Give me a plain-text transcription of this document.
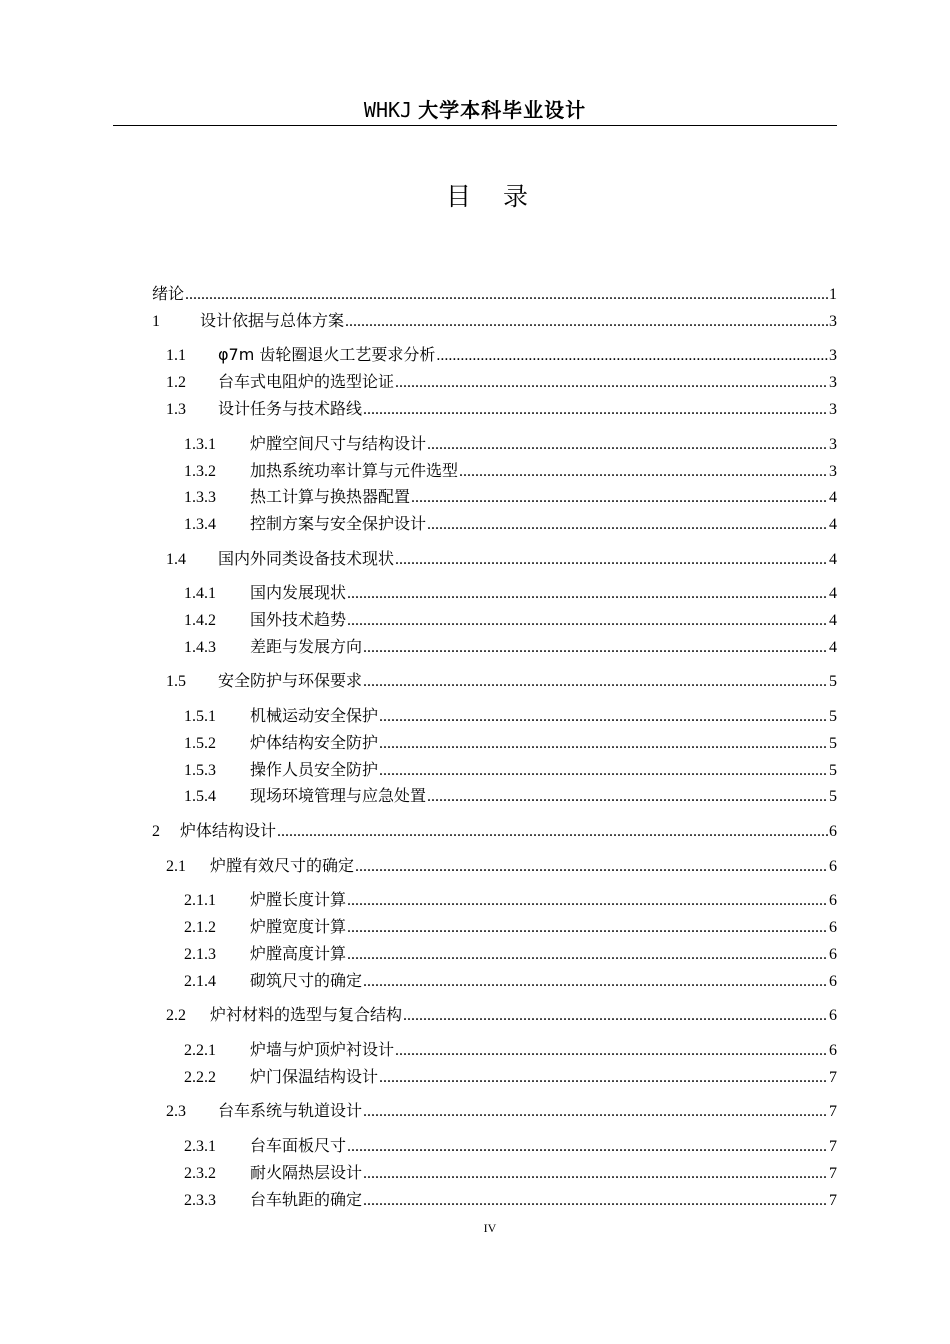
WHKJ 大学本科毕业设计
目 录
绪论 .....	1
1	设计依据与总体方案 .....	3
1.1	φ7m 齿轮圈退火工艺要求分析 .....	3
1.2	台车式电阻炉的选型论证 .....	3
1.3	设计任务与技术路线 .....	3
1.3.1	炉膛空间尺寸与结构设计 .....	3
1.3.2	加热系统功率计算与元件选型 .....	3
1.3.3	热工计算与换热器配置 .....	4
1.3.4	控制方案与安全保护设计 .....	4
1.4	国内外同类设备技术现状 .....	4
1.4.1	国内发展现状 .....	4
1.4.2	国外技术趋势 .....	4
1.4.3	差距与发展方向 .....	4
1.5	安全防护与环保要求 .....	5
1.5.1	机械运动安全保护 .....	5
1.5.2	炉体结构安全防护 .....	5
1.5.3	操作人员安全防护 .....	5
1.5.4	现场环境管理与应急处置 .....	5
2	炉体结构设计 .....	6
2.1	炉膛有效尺寸的确定 .....	6
2.1.1	炉膛长度计算 .....	6
2.1.2	炉膛宽度计算 .....	6
2.1.3	炉膛高度计算 .....	6
2.1.4	砌筑尺寸的确定 .....	6
2.2	炉衬材料的选型与复合结构 .....	6
2.2.1	炉墙与炉顶炉衬设计 .....	6
2.2.2	炉门保温结构设计 .....	7
2.3	台车系统与轨道设计 .....	7
2.3.1	台车面板尺寸 .....	7
2.3.2	耐火隔热层设计 .....	7
2.3.3	台车轨距的确定 .....	7
IV
